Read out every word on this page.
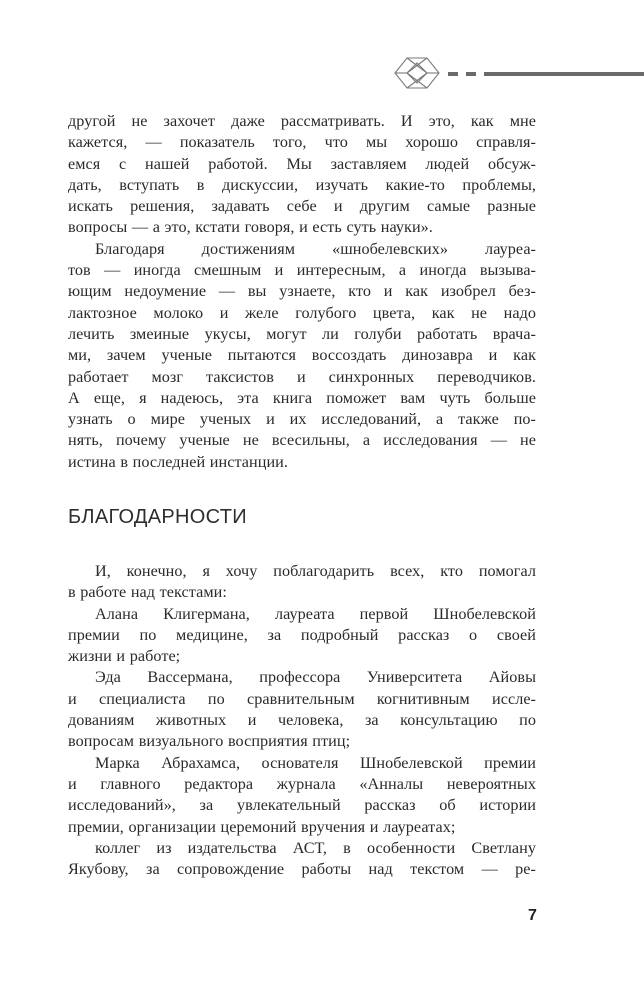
другой не захочет даже рассматривать. И это, как мне
кажется, — показатель того, что мы хорошо справля-
емся с нашей работой. Мы заставляем людей обсуж-
дать, вступать в дискуссии, изучать какие-то проблемы,
искать решения, задавать себе и другим самые разные
вопросы — а это, кстати говоря, и есть суть науки».
Благодаря достижениям «шнобелевских» лауреа-
тов — иногда смешным и интересным, а иногда вызыва-
ющим недоумение — вы узнаете, кто и как изобрел без-
лактозное молоко и желе голубого цвета, как не надо
лечить змеиные укусы, могут ли голуби работать врача-
ми, зачем ученые пытаются воссоздать динозавра и как
работает мозг таксистов и синхронных переводчиков.
А еще, я надеюсь, эта книга поможет вам чуть больше
узнать о мире ученых и их исследований, а также по-
нять, почему ученые не всесильны, а исследования — не
истина в последней инстанции.
БЛАГОДАРНОСТИ
И, конечно, я хочу поблагодарить всех, кто помогал
в работе над текстами:
Алана Клигермана, лауреата первой Шнобелевской
премии по медицине, за подробный рассказ о своей
жизни и работе;
Эда Вассермана, профессора Университета Айовы
и специалиста по сравнительным когнитивным иссле-
дованиям животных и человека, за консультацию по
вопросам визуального восприятия птиц;
Марка Абрахамса, основателя Шнобелевской премии
и главного редактора журнала «Анналы невероятных
исследований», за увлекательный рассказ об истории
премии, организации церемоний вручения и лауреатах;
коллег из издательства АСТ, в особенности Светлану
Якубову, за сопровождение работы над текстом — ре-
7
